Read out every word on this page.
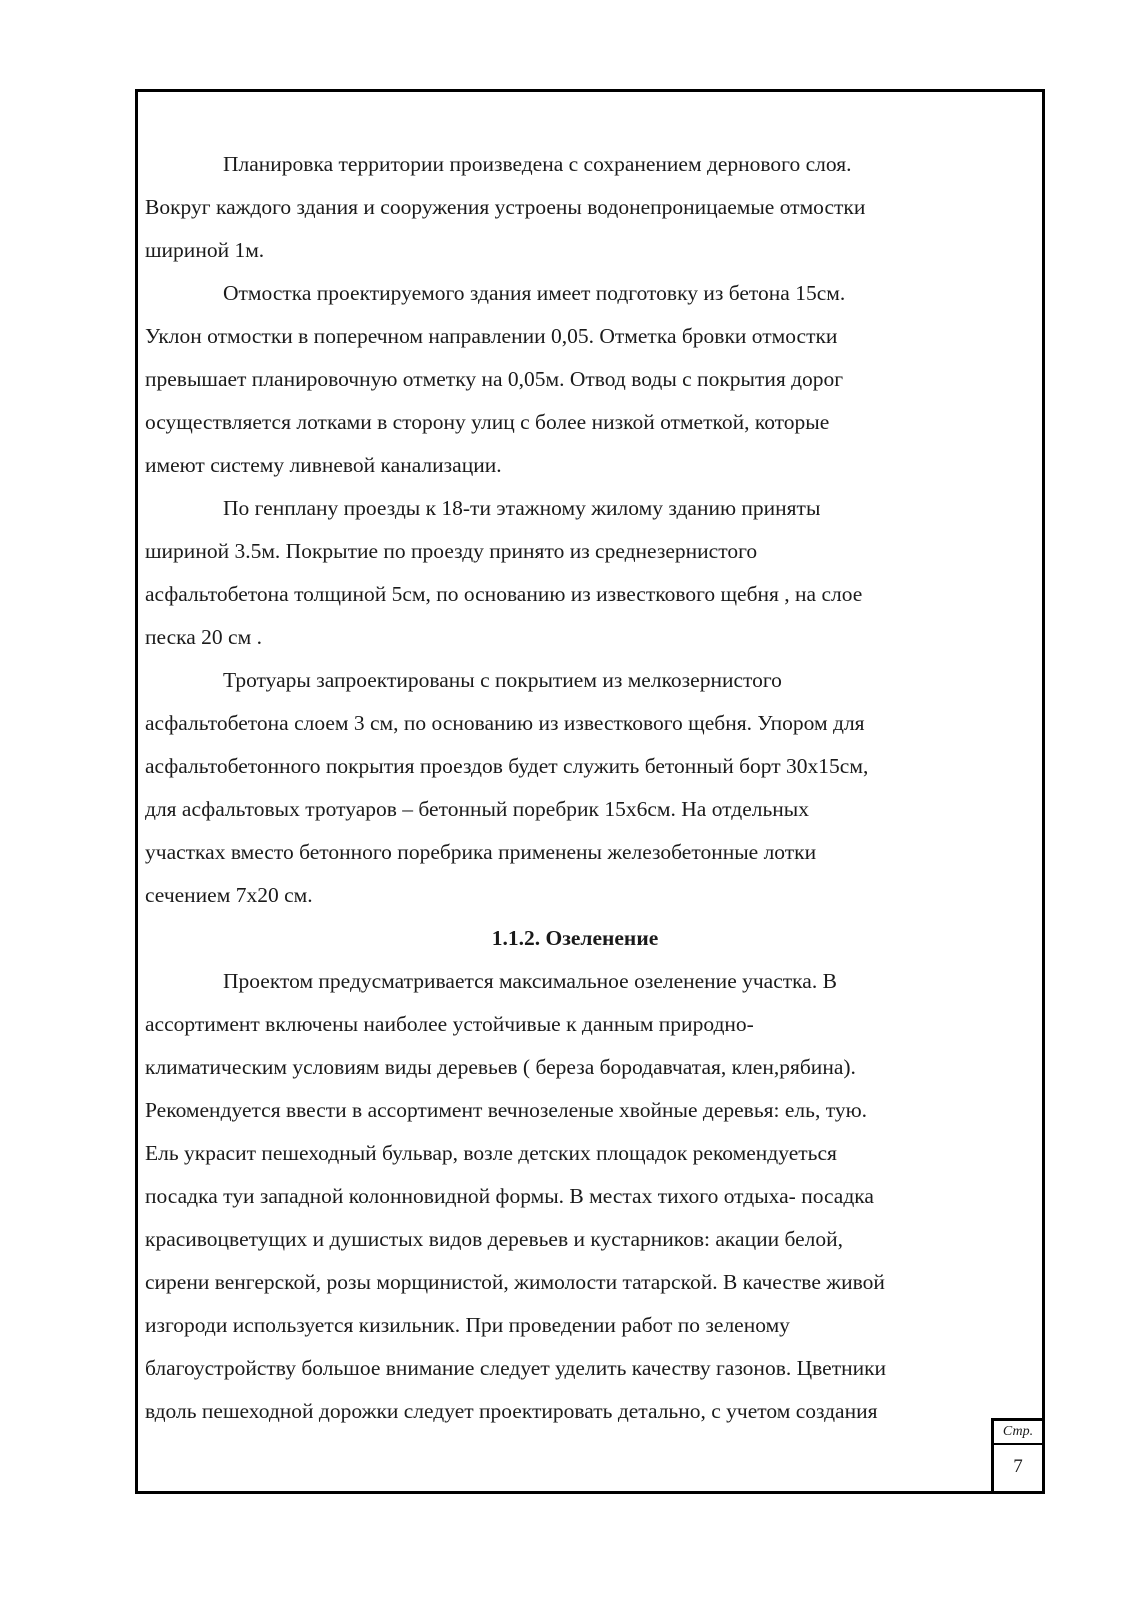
Планировка территории произведена с сохранением дернового слоя.
Вокруг каждого здания и сооружения устроены водонепроницаемые отмостки
шириной 1м.
Отмостка проектируемого здания имеет подготовку из бетона 15см.
Уклон отмостки в поперечном направлении 0,05. Отметка бровки отмостки
превышает планировочную отметку на 0,05м. Отвод воды с покрытия дорог
осуществляется лотками в сторону улиц с более низкой отметкой, которые
имеют систему ливневой канализации.
По генплану проезды к 18-ти этажному жилому зданию приняты
шириной 3.5м. Покрытие по проезду принято из среднезернистого
асфальтобетона толщиной 5см, по основанию из известкового щебня , на слое
песка 20 см .
Тротуары запроектированы с покрытием из мелкозернистого
асфальтобетона слоем 3 см, по основанию из известкового щебня. Упором для
асфальтобетонного покрытия проездов будет служить бетонный борт 30х15см,
для асфальтовых тротуаров – бетонный поребрик 15х6см. На отдельных
участках вместо бетонного поребрика применены железобетонные лотки
сечением 7х20 см.
1.1.2. Озеленение
Проектом предусматривается максимальное озеленение участка. В
ассортимент включены наиболее устойчивые к данным природно-
климатическим условиям виды деревьев ( береза бородавчатая, клен,рябина).
Рекомендуется ввести в ассортимент вечнозеленые хвойные деревья: ель, тую.
Ель украсит пешеходный бульвар, возле детских площадок рекомендуеться
посадка туи западной колонновидной формы. В местах тихого отдыха- посадка
красивоцветущих и душистых видов деревьев и кустарников: акации белой,
сирени венгерской, розы морщинистой, жимолости татарской. В качестве живой
изгороди используется кизильник. При проведении работ по зеленому
благоустройству большое внимание следует уделить качеству газонов. Цветники
вдоль пешеходной дорожки следует проектировать детально, с учетом создания
Стр.
7
